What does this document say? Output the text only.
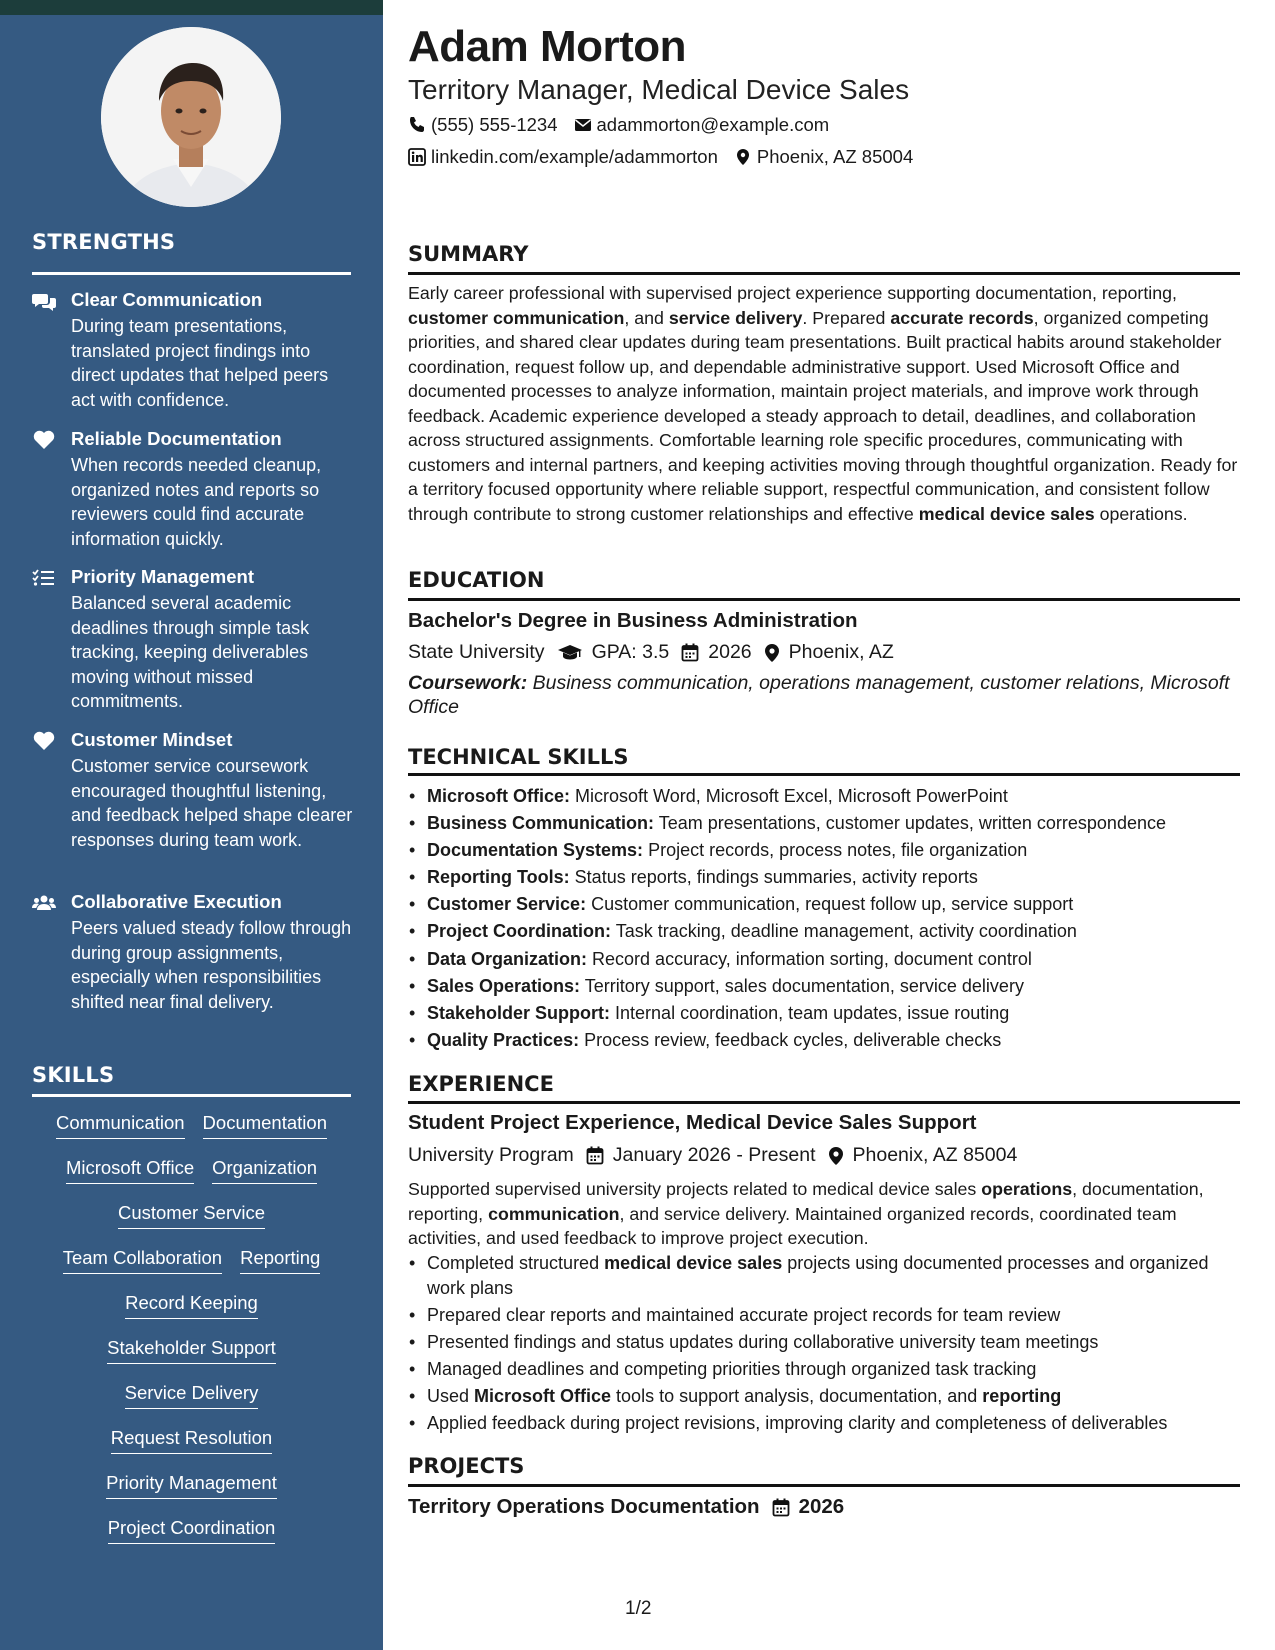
STRENGTHS
Clear Communication
During team presentations, translated project findings into direct updates that helped peers act with confidence.
Reliable Documentation
When records needed cleanup, organized notes and reports so reviewers could find accurate information quickly.
Priority Management
Balanced several academic deadlines through simple task tracking, keeping deliverables moving without missed commitments.
Customer Mindset
Customer service coursework encouraged thoughtful listening, and feedback helped shape clearer responses during team work.
Collaborative Execution
Peers valued steady follow through during group assignments, especially when responsibilities shifted near final delivery.
SKILLS
Communication Documentation
Microsoft Office Organization
Customer Service
Team Collaboration Reporting
Record Keeping
Stakeholder Support
Service Delivery
Request Resolution
Priority Management
Project Coordination
Adam Morton
Territory Manager, Medical Device Sales
(555) 555-1234 adammorton@example.com
linkedin.com/example/adammorton Phoenix, AZ 85004
SUMMARY
Early career professional with supervised project experience supporting documentation, reporting, customer communication, and service delivery. Prepared accurate records, organized competing priorities, and shared clear updates during team presentations. Built practical habits around stakeholder coordination, request follow up, and dependable administrative support. Used Microsoft Office and documented processes to analyze information, maintain project materials, and improve work through feedback. Academic experience developed a steady approach to detail, deadlines, and collaboration across structured assignments. Comfortable learning role specific procedures, communicating with customers and internal partners, and keeping activities moving through thoughtful organization. Ready for a territory focused opportunity where reliable support, respectful communication, and consistent follow through contribute to strong customer relationships and effective medical device sales operations.
EDUCATION
Bachelor's Degree in Business Administration
State University GPA: 3.5 2026 Phoenix, AZ
Coursework: Business communication, operations management, customer relations, Microsoft Office
TECHNICAL SKILLS
• Microsoft Office: Microsoft Word, Microsoft Excel, Microsoft PowerPoint
• Business Communication: Team presentations, customer updates, written correspondence
• Documentation Systems: Project records, process notes, file organization
• Reporting Tools: Status reports, findings summaries, activity reports
• Customer Service: Customer communication, request follow up, service support
• Project Coordination: Task tracking, deadline management, activity coordination
• Data Organization: Record accuracy, information sorting, document control
• Sales Operations: Territory support, sales documentation, service delivery
• Stakeholder Support: Internal coordination, team updates, issue routing
• Quality Practices: Process review, feedback cycles, deliverable checks
EXPERIENCE
Student Project Experience, Medical Device Sales Support
University Program January 2026 - Present Phoenix, AZ 85004
Supported supervised university projects related to medical device sales operations, documentation, reporting, communication, and service delivery. Maintained organized records, coordinated team activities, and used feedback to improve project execution.
• Completed structured medical device sales projects using documented processes and organized work plans
• Prepared clear reports and maintained accurate project records for team review
• Presented findings and status updates during collaborative university team meetings
• Managed deadlines and competing priorities through organized task tracking
• Used Microsoft Office tools to support analysis, documentation, and reporting
• Applied feedback during project revisions, improving clarity and completeness of deliverables
PROJECTS
Territory Operations Documentation 2026
1/2
